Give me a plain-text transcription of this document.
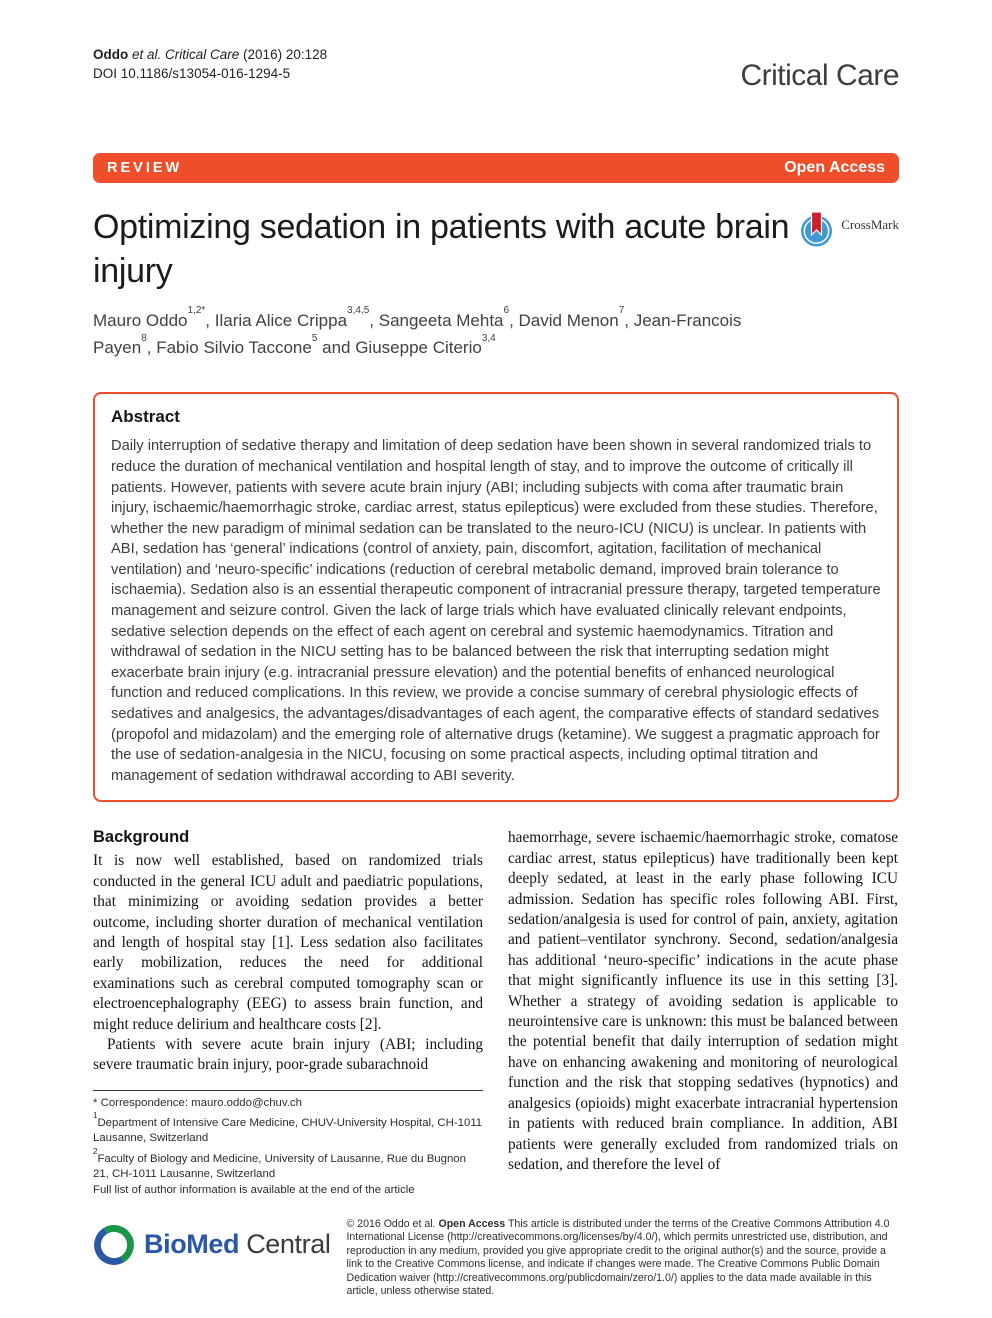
Oddo et al. Critical Care (2016) 20:128
DOI 10.1186/s13054-016-1294-5	Critical Care
REVIEW	Open Access
Optimizing sedation in patients with acute brain injury
CrossMark

Mauro Oddo$^{1,2*}$, Ilaria Alice Crippa$^{3,4,5}$, Sangeeta Mehta$^6$, David Menon$^7$, Jean-Francois Payen$^8$, Fabio Silvio Taccone$^5$ and Giuseppe Citerio$^{3,4}$

Abstract
Daily interruption of sedative therapy and limitation of deep sedation have been shown in several randomized trials to reduce the duration of mechanical ventilation and hospital length of stay, and to improve the outcome of critically ill patients. However, patients with severe acute brain injury (ABI; including subjects with coma after traumatic brain injury, ischaemic/haemorrhagic stroke, cardiac arrest, status epilepticus) were excluded from these studies. Therefore, whether the new paradigm of minimal sedation can be translated to the neuro-ICU (NICU) is unclear. In patients with ABI, sedation has ‘general’ indications (control of anxiety, pain, discomfort, agitation, facilitation of mechanical ventilation) and ‘neuro-specific’ indications (reduction of cerebral metabolic demand, improved brain tolerance to ischaemia). Sedation also is an essential therapeutic component of intracranial pressure therapy, targeted temperature management and seizure control. Given the lack of large trials which have evaluated clinically relevant endpoints, sedative selection depends on the effect of each agent on cerebral and systemic haemodynamics. Titration and withdrawal of sedation in the NICU setting has to be balanced between the risk that interrupting sedation might exacerbate brain injury (e.g. intracranial pressure elevation) and the potential benefits of enhanced neurological function and reduced complications. In this review, we provide a concise summary of cerebral physiologic effects of sedatives and analgesics, the advantages/disadvantages of each agent, the comparative effects of standard sedatives (propofol and midazolam) and the emerging role of alternative drugs (ketamine). We suggest a pragmatic approach for the use of sedation-analgesia in the NICU, focusing on some practical aspects, including optimal titration and management of sedation withdrawal according to ABI severity.
Background

It is now well established, based on randomized trials conducted in the general ICU adult and paediatric populations, that minimizing or avoiding sedation provides a better outcome, including shorter duration of mechanical ventilation and length of hospital stay [1]. Less sedation also facilitates early mobilization, reduces the need for additional examinations such as cerebral computed tomography scan or electroencephalography (EEG) to assess brain function, and might reduce delirium and healthcare costs [2].

Patients with severe acute brain injury (ABI; including severe traumatic brain injury, poor-grade subarachnoid

* Correspondence: mauro.oddo@chuv.ch
$^1$Department of Intensive Care Medicine, CHUV-University Hospital, CH-1011 Lausanne, Switzerland
$^2$Faculty of Biology and Medicine, University of Lausanne, Rue du Bugnon 21, CH-1011 Lausanne, Switzerland
Full list of author information is available at the end of the article

haemorrhage, severe ischaemic/haemorrhagic stroke, comatose cardiac arrest, status epilepticus) have traditionally been kept deeply sedated, at least in the early phase following ICU admission. Sedation has specific roles following ABI. First, sedation/analgesia is used for control of pain, anxiety, agitation and patient–ventilator synchrony. Second, sedation/analgesia has additional ‘neuro-specific’ indications in the acute phase that might significantly influence its use in this setting [3]. Whether a strategy of avoiding sedation is applicable to neurointensive care is unknown: this must be balanced between the potential benefit that daily interruption of sedation might have on enhancing awakening and monitoring of neurological function and the risk that stopping sedatives (hypnotics) and analgesics (opioids) might exacerbate intracranial hypertension in patients with reduced brain compliance. In addition, ABI patients were generally excluded from randomized trials on sedation, and therefore the level of

BioMed Central
© 2016 Oddo et al. Open Access This article is distributed under the terms of the Creative Commons Attribution 4.0 International License (http://creativecommons.org/licenses/by/4.0/), which permits unrestricted use, distribution, and reproduction in any medium, provided you give appropriate credit to the original author(s) and the source, provide a link to the Creative Commons license, and indicate if changes were made. The Creative Commons Public Domain Dedication waiver (http://creativecommons.org/publicdomain/zero/1.0/) applies to the data made available in this article, unless otherwise stated.
